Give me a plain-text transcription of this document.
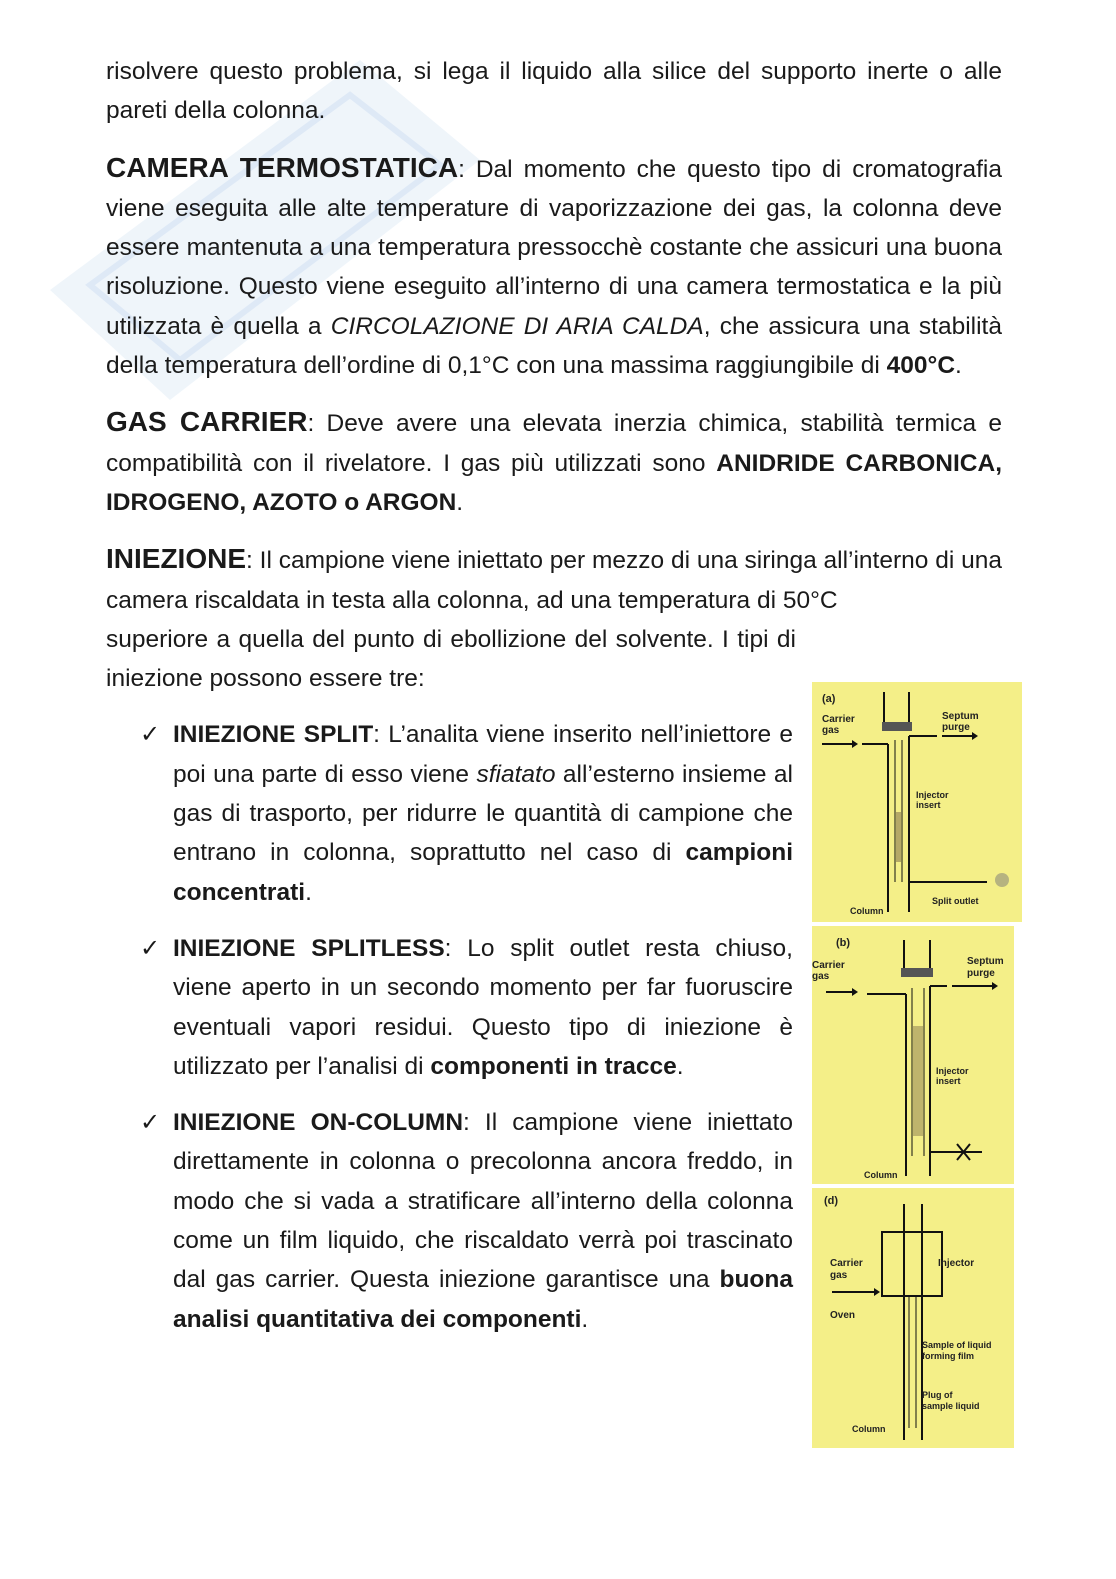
risolvere questo problema, si lega il liquido alla silice del supporto inerte o alle pareti della colonna.

CAMERA TERMOSTATICA: Dal momento che questo tipo di cromatografia viene eseguita alle alte temperature di vaporizzazione dei gas, la colonna deve essere mantenuta a una temperatura pressocchè costante che assicuri una buona risoluzione. Questo viene eseguito all’interno di una camera termostatica e la più utilizzata è quella a CIRCOLAZIONE DI ARIA CALDA, che assicura una stabilità della temperatura dell’ordine di 0,1°C con una massima raggiungibile di 400°C.

GAS CARRIER: Deve avere una elevata inerzia chimica, stabilità termica e compatibilità con il rivelatore. I gas più utilizzati sono ANIDRIDE CARBONICA, IDROGENO, AZOTO o ARGON.

INIEZIONE: Il campione viene iniettato per mezzo di una siringa all’interno di una camera riscaldata in testa alla colonna, ad una temperatura di 50°C

superiore a quella del punto di ebollizione del solvente. I tipi di iniezione possono essere tre:

✓ INIEZIONE SPLIT: L’analita viene inserito nell’iniettore e poi una parte di esso viene sfiatato all’esterno insieme al gas di trasporto, per ridurre le quantità di campione che entrano in colonna, soprattutto nel caso di campioni concentrati.

✓ INIEZIONE SPLITLESS: Lo split outlet resta chiuso, viene aperto in un secondo momento per far fuoruscire eventuali vapori residui. Questo tipo di iniezione è utilizzato per l’analisi di componenti in tracce.

✓ INIEZIONE ON-COLUMN: Il campione viene iniettato direttamente in colonna o precolonna ancora freddo, in modo che si vada a stratificare all’interno della colonna come un film liquido, che riscaldato verrà poi trascinato dal gas carrier. Questa iniezione garantisce una buona analisi quantitativa dei componenti.

(a)
Carrier
gas
Septum
purge
Injector
insert
Column
Split outlet
(b)
Carrier
gas
Septum
purge
Injector
insert
Column
(d)
Carrier
gas
Injector
Oven
Sample of liquid
forming film
Plug of
sample liquid
Column
